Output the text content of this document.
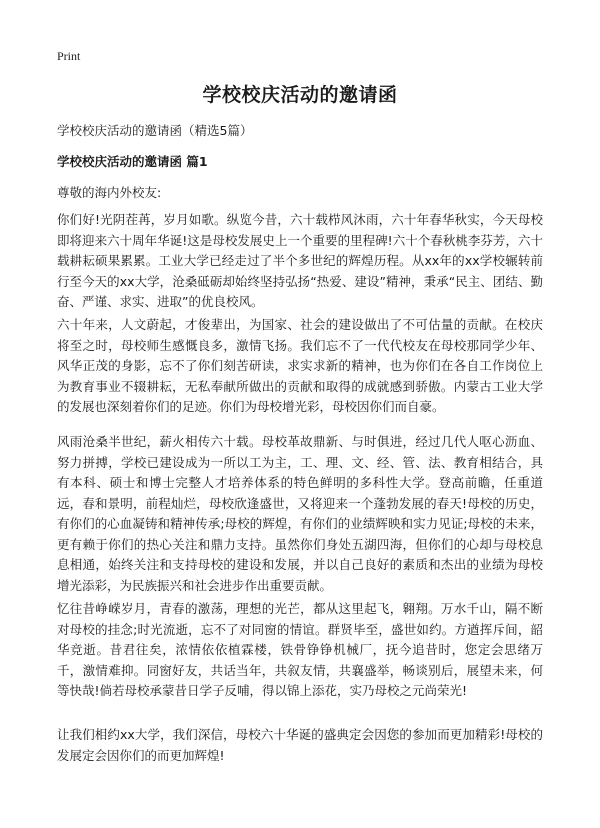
Print
学校校庆活动的邀请函
学校校庆活动的邀请函（精选5篇）
学校校庆活动的邀请函 篇1
尊敬的海内外校友:

你们好!光阴茬苒，岁月如歌。纵览今昔，六十载栉风沐雨，六十年春华秋实，今天母校即将迎来六十周年华诞!这是母校发展史上一个重要的里程碑!六十个春秋桃李芬芳，六十载耕耘硕果累累。工业大学已经走过了半个多世纪的辉煌历程。从xx年的xx学校辗转前行至今天的xx大学，沧桑砥砺却始终坚持弘扬“热爱、建设”精神，秉承“民主、团结、勤奋、严谨、求实、进取”的优良校风。

六十年来，人文蔚起，才俊辈出，为国家、社会的建设做出了不可估量的贡献。在校庆将至之时，母校师生感慨良多，激情飞扬。我们忘不了一代代校友在母校那同学少年、风华正茂的身影，忘不了你们刻苦研读，求实求新的精神，也为你们在各自工作岗位上为教育事业不辍耕耘，无私奉献所做出的贡献和取得的成就感到骄傲。内蒙古工业大学的发展也深刻着你们的足迹。你们为母校增光彩，母校因你们而自豪。

风雨沧桑半世纪，薪火相传六十载。母校革故鼎新、与时俱进，经过几代人呕心沥血、努力拼搏，学校已建设成为一所以工为主，工、理、文、经、管、法、教育相结合，具有本科、硕士和博士完整人才培养体系的特色鲜明的多科性大学。登高前瞻，任重道远，春和景明，前程灿烂，母校欣逢盛世，又将迎来一个蓬勃发展的春天!母校的历史，有你们的心血凝铸和精神传承;母校的辉煌，有你们的业绩辉映和实力见证;母校的未来，更有赖于你们的热心关注和鼎力支持。虽然你们身处五湖四海，但你们的心却与母校息息相通，始终关注和支持母校的建设和发展，并以自己良好的素质和杰出的业绩为母校增光添彩，为民族振兴和社会进步作出重要贡献。

忆往昔峥嵘岁月，青春的激荡，理想的光芒，都从这里起飞，翱翔。万水千山，隔不断对母校的挂念;时光流逝，忘不了对同窗的情谊。群贤毕至，盛世如约。方遒挥斥间，韶华竞逝。昔君往矣，浓情依依植霖楼，铁骨铮铮机械厂，抚今追昔时，您定会思绪万千，激情难抑。同窗好友，共话当年，共叙友情，共襄盛举，畅谈别后，展望未来，何等快哉!倘若母校承蒙昔日学子反哺，得以锦上添花，实乃母校之元尚荣光!

让我们相约xx大学，我们深信，母校六十华诞的盛典定会因您的参加而更加精彩!母校的发展定会因你们的而更加辉煌!
